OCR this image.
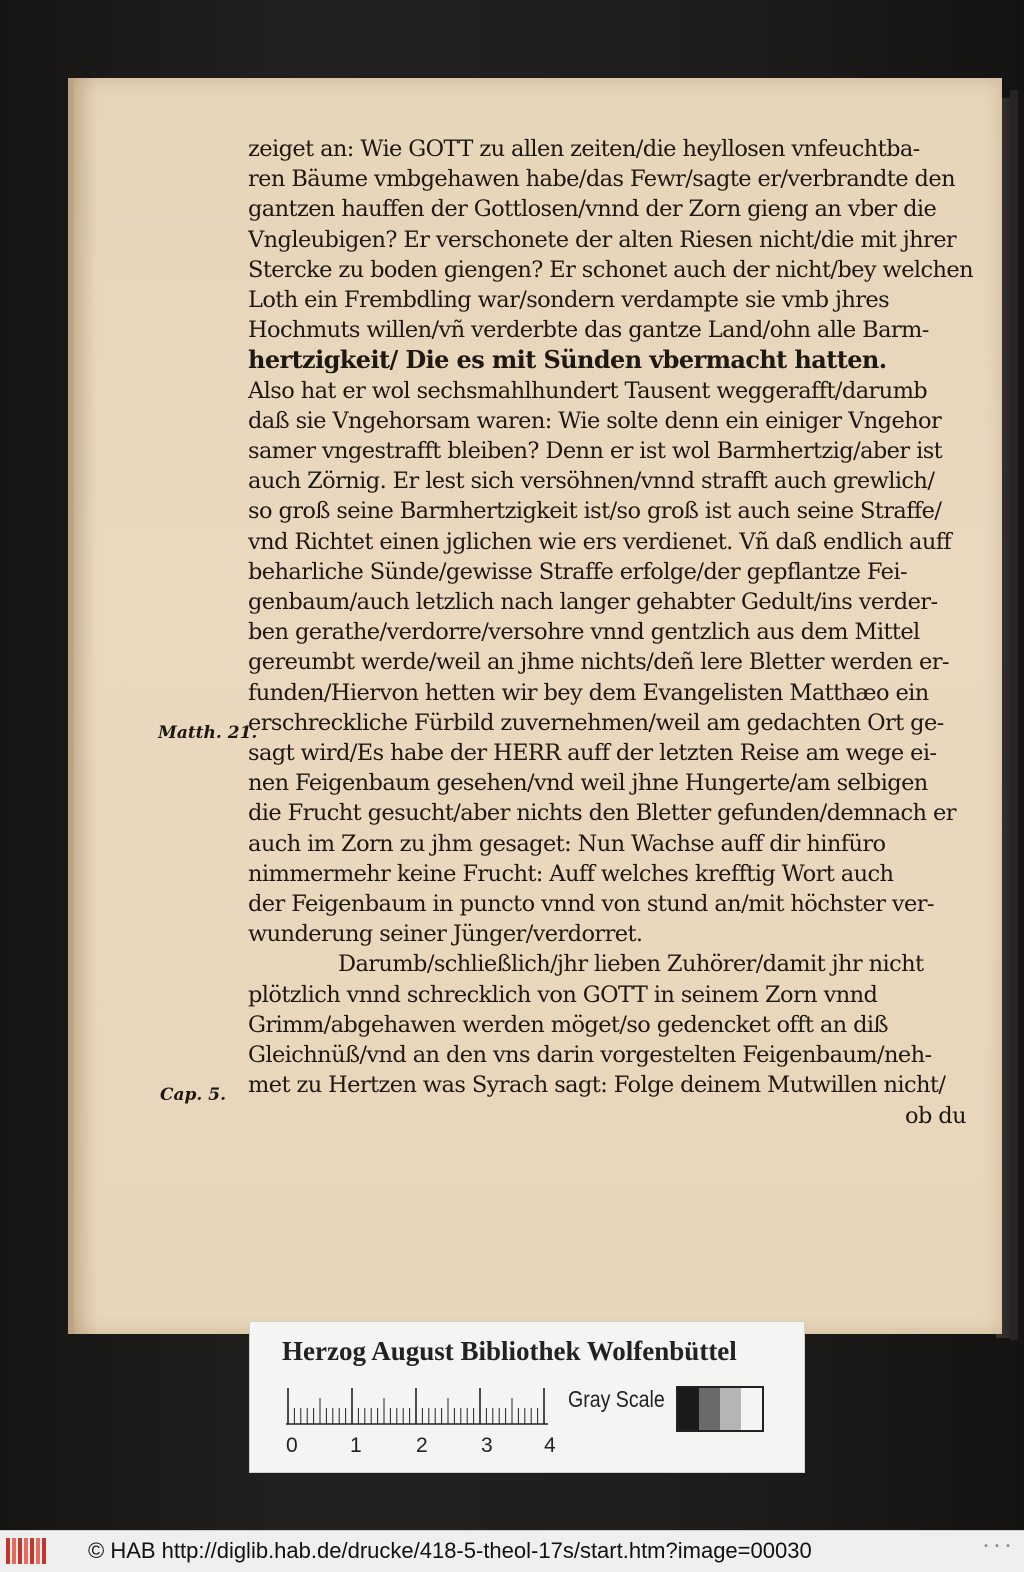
Matth. 21.
Cap. 5.
zeiget an: Wie GOTT zu allen zeiten/die heyllosen vnfeuchtba-
ren Bäume vmbgehawen habe/das Fewr/sagte er/verbrandte den
gantzen hauffen der Gottlosen/vnnd der Zorn gieng an vber die
Vngleubigen? Er verschonete der alten Riesen nicht/die mit jhrer
Stercke zu boden giengen? Er schonet auch der nicht/bey welchen
Loth ein Frembdling war/sondern verdampte sie vmb jhres
Hochmuts willen/vñ verderbte das gantze Land/ohn alle Barm-
hertzigkeit/ Die es mit Sünden vbermacht hatten.
Also hat er wol sechsmahlhundert Tausent weggerafft/darumb
daß sie Vngehorsam waren: Wie solte denn ein einiger Vngehor
samer vngestrafft bleiben? Denn er ist wol Barmhertzig/aber ist
auch Zörnig. Er lest sich versöhnen/vnnd strafft auch grewlich/
so groß seine Barmhertzigkeit ist/so groß ist auch seine Straffe/
vnd Richtet einen jglichen wie ers verdienet. Vñ daß endlich auff
beharliche Sünde/gewisse Straffe erfolge/der gepflantze Fei-
genbaum/auch letzlich nach langer gehabter Gedult/ins verder-
ben gerathe/verdorre/versohre vnnd gentzlich aus dem Mittel
gereumbt werde/weil an jhme nichts/deñ lere Bletter werden er-
funden/Hiervon hetten wir bey dem Evangelisten Matthæo ein
erschreckliche Fürbild zuvernehmen/weil am gedachten Ort ge-
sagt wird/Es habe der HERR auff der letzten Reise am wege ei-
nen Feigenbaum gesehen/vnd weil jhne Hungerte/am selbigen
die Frucht gesucht/aber nichts den Bletter gefunden/demnach er
auch im Zorn zu jhm gesaget: Nun Wachse auff dir hinfüro
nimmermehr keine Frucht: Auff welches krefftig Wort auch
der Feigenbaum in puncto vnnd von stund an/mit höchster ver-
wunderung seiner Jünger/verdorret.
Darumb/schließlich/jhr lieben Zuhörer/damit jhr nicht
plötzlich vnnd schrecklich von GOTT in seinem Zorn vnnd
Grimm/abgehawen werden möget/so gedencket offt an diß
Gleichnüß/vnd an den vns darin vorgestelten Feigenbaum/neh-
met zu Hertzen was Syrach sagt: Folge deinem Mutwillen nicht/
ob du
Herzog August Bibliothek Wolfenbüttel
0 1	2	3 4
Gray Scale
© HAB http://diglib.hab.de/drucke/418-5-theol-17s/start.htm?image=00030	• • •
